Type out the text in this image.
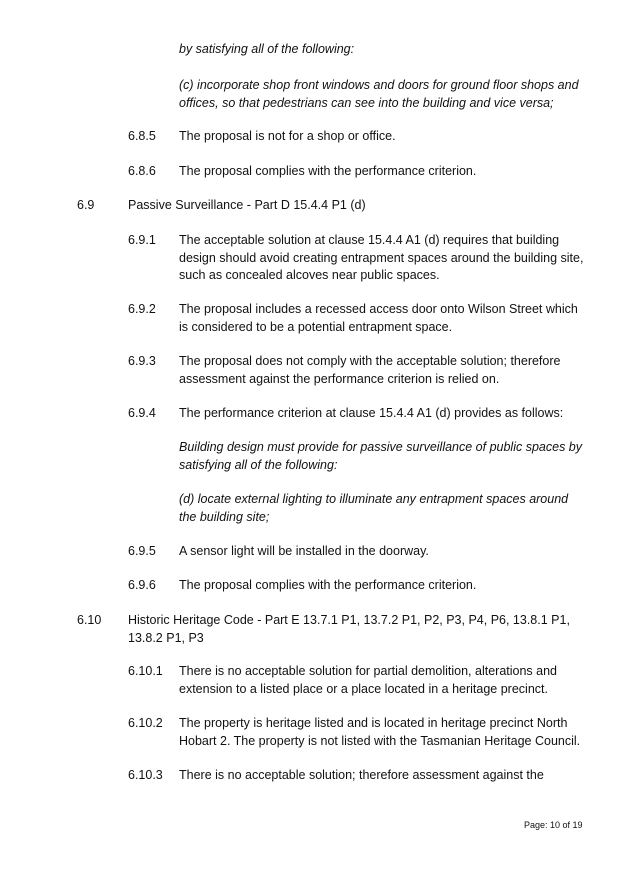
by satisfying all of the following:
(c) incorporate shop front windows and doors for ground floor shops and offices, so that pedestrians can see into the building and vice versa;
6.8.5 The proposal is not for a shop or office.
6.8.6 The proposal complies with the performance criterion.
6.9	Passive Surveillance - Part D 15.4.4 P1 (d)
6.9.1 The acceptable solution at clause 15.4.4 A1 (d) requires that building design should avoid creating entrapment spaces around the building site, such as concealed alcoves near public spaces.
6.9.2 The proposal includes a recessed access door onto Wilson Street which is considered to be a potential entrapment space.
6.9.3 The proposal does not comply with the acceptable solution; therefore assessment against the performance criterion is relied on.
6.9.4 The performance criterion at clause 15.4.4 A1 (d) provides as follows:
Building design must provide for passive surveillance of public spaces by satisfying all of the following:
(d) locate external lighting to illuminate any entrapment spaces around the building site;
6.9.5 A sensor light will be installed in the doorway.
6.9.6 The proposal complies with the performance criterion.
6.10 Historic Heritage Code - Part E 13.7.1 P1, 13.7.2 P1, P2, P3, P4, P6, 13.8.1 P1, 13.8.2 P1, P3
6.10.1 There is no acceptable solution for partial demolition, alterations and extension to a listed place or a place located in a heritage precinct.
6.10.2 The property is heritage listed and is located in heritage precinct North Hobart 2. The property is not listed with the Tasmanian Heritage Council.
6.10.3 There is no acceptable solution; therefore assessment against the
Page: 10 of 19
